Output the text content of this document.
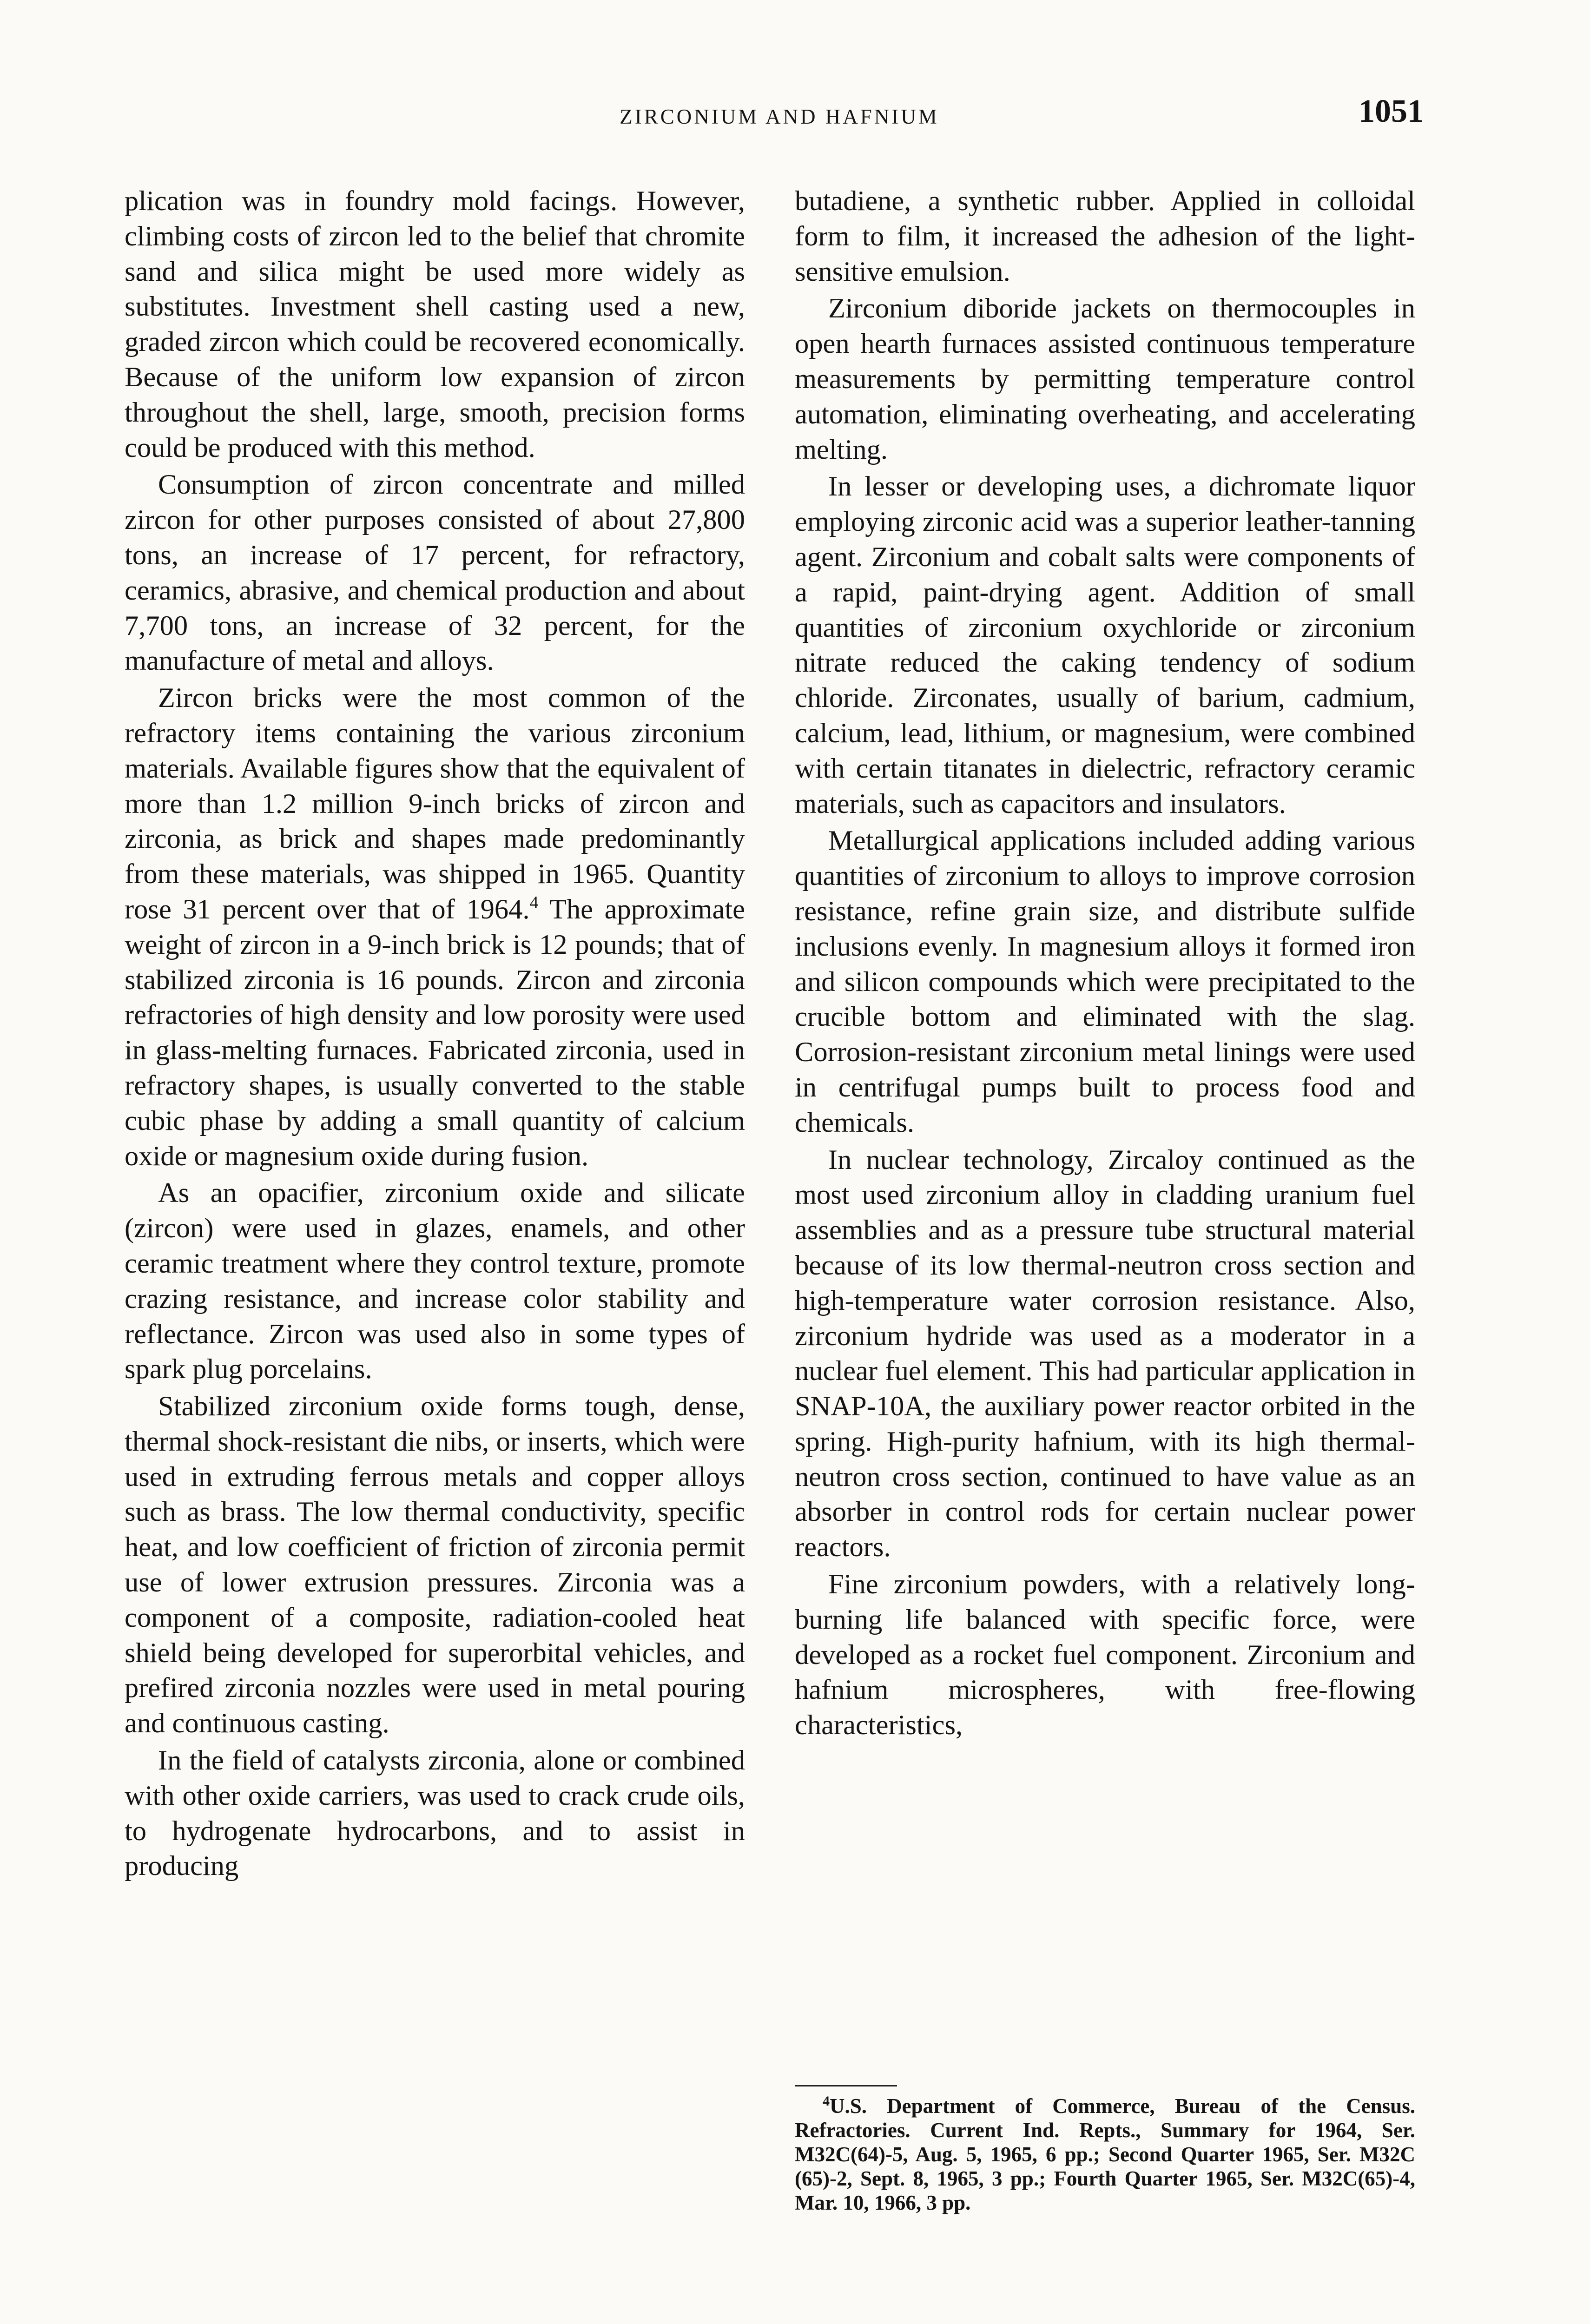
ZIRCONIUM AND HAFNIUM	1051

plication was in foundry mold facings. However, climbing costs of zircon led to the belief that chromite sand and silica might be used more widely as substitutes. Investment shell casting used a new, graded zircon which could be recovered economically. Because of the uniform low expansion of zircon throughout the shell, large, smooth, precision forms could be produced with this method.

Consumption of zircon concentrate and milled zircon for other purposes consisted of about 27,800 tons, an increase of 17 percent, for refractory, ceramics, abrasive, and chemical production and about 7,700 tons, an increase of 32 percent, for the manufacture of metal and alloys.

Zircon bricks were the most common of the refractory items containing the various zirconium materials. Available figures show that the equivalent of more than 1.2 million 9-inch bricks of zircon and zirconia, as brick and shapes made predominantly from these materials, was shipped in 1965. Quantity rose 31 percent over that of 1964.$^4$ The approximate weight of zircon in a 9-inch brick is 12 pounds; that of stabilized zirconia is 16 pounds. Zircon and zirconia refractories of high density and low porosity were used in glass-melting furnaces. Fabricated zirconia, used in refractory shapes, is usually converted to the stable cubic phase by adding a small quantity of calcium oxide or magnesium oxide during fusion.

As an opacifier, zirconium oxide and silicate (zircon) were used in glazes, enamels, and other ceramic treatment where they control texture, promote crazing resistance, and increase color stability and reflectance. Zircon was used also in some types of spark plug porcelains.

Stabilized zirconium oxide forms tough, dense, thermal shock-resistant die nibs, or inserts, which were used in extruding ferrous metals and copper alloys such as brass. The low thermal conductivity, specific heat, and low coefficient of friction of zirconia permit use of lower extrusion pressures. Zirconia was a component of a composite, radiation-cooled heat shield being developed for superorbital vehicles, and prefired zirconia nozzles were used in metal pouring and continuous casting.

In the field of catalysts zirconia, alone or combined with other oxide carriers, was used to crack crude oils, to hydrogenate hydrocarbons, and to assist in producing

butadiene, a synthetic rubber. Applied in colloidal form to film, it increased the adhesion of the light-sensitive emulsion.

Zirconium diboride jackets on thermocouples in open hearth furnaces assisted continuous temperature measurements by permitting temperature control automation, eliminating overheating, and accelerating melting.

In lesser or developing uses, a dichromate liquor employing zirconic acid was a superior leather-tanning agent. Zirconium and cobalt salts were components of a rapid, paint-drying agent. Addition of small quantities of zirconium oxychloride or zirconium nitrate reduced the caking tendency of sodium chloride. Zirconates, usually of barium, cadmium, calcium, lead, lithium, or magnesium, were combined with certain titanates in dielectric, refractory ceramic materials, such as capacitors and insulators.

Metallurgical applications included adding various quantities of zirconium to alloys to improve corrosion resistance, refine grain size, and distribute sulfide inclusions evenly. In magnesium alloys it formed iron and silicon compounds which were precipitated to the crucible bottom and eliminated with the slag. Corrosion-resistant zirconium metal linings were used in centrifugal pumps built to process food and chemicals.

In nuclear technology, Zircaloy continued as the most used zirconium alloy in cladding uranium fuel assemblies and as a pressure tube structural material because of its low thermal-neutron cross section and high-temperature water corrosion resistance. Also, zirconium hydride was used as a moderator in a nuclear fuel element. This had particular application in SNAP-10A, the auxiliary power reactor orbited in the spring. High-purity hafnium, with its high thermal-neutron cross section, continued to have value as an absorber in control rods for certain nuclear power reactors.

Fine zirconium powders, with a relatively long-burning life balanced with specific force, were developed as a rocket fuel component. Zirconium and hafnium microspheres, with free-flowing characteristics,

$^4$U.S. Department of Commerce, Bureau of the Census. Refractories. Current Ind. Repts., Summary for 1964, Ser. M32C(64)-5, Aug. 5, 1965, 6 pp.; Second Quarter 1965, Ser. M32C (65)-2, Sept. 8, 1965, 3 pp.; Fourth Quarter 1965, Ser. M32C(65)-4, Mar. 10, 1966, 3 pp.
